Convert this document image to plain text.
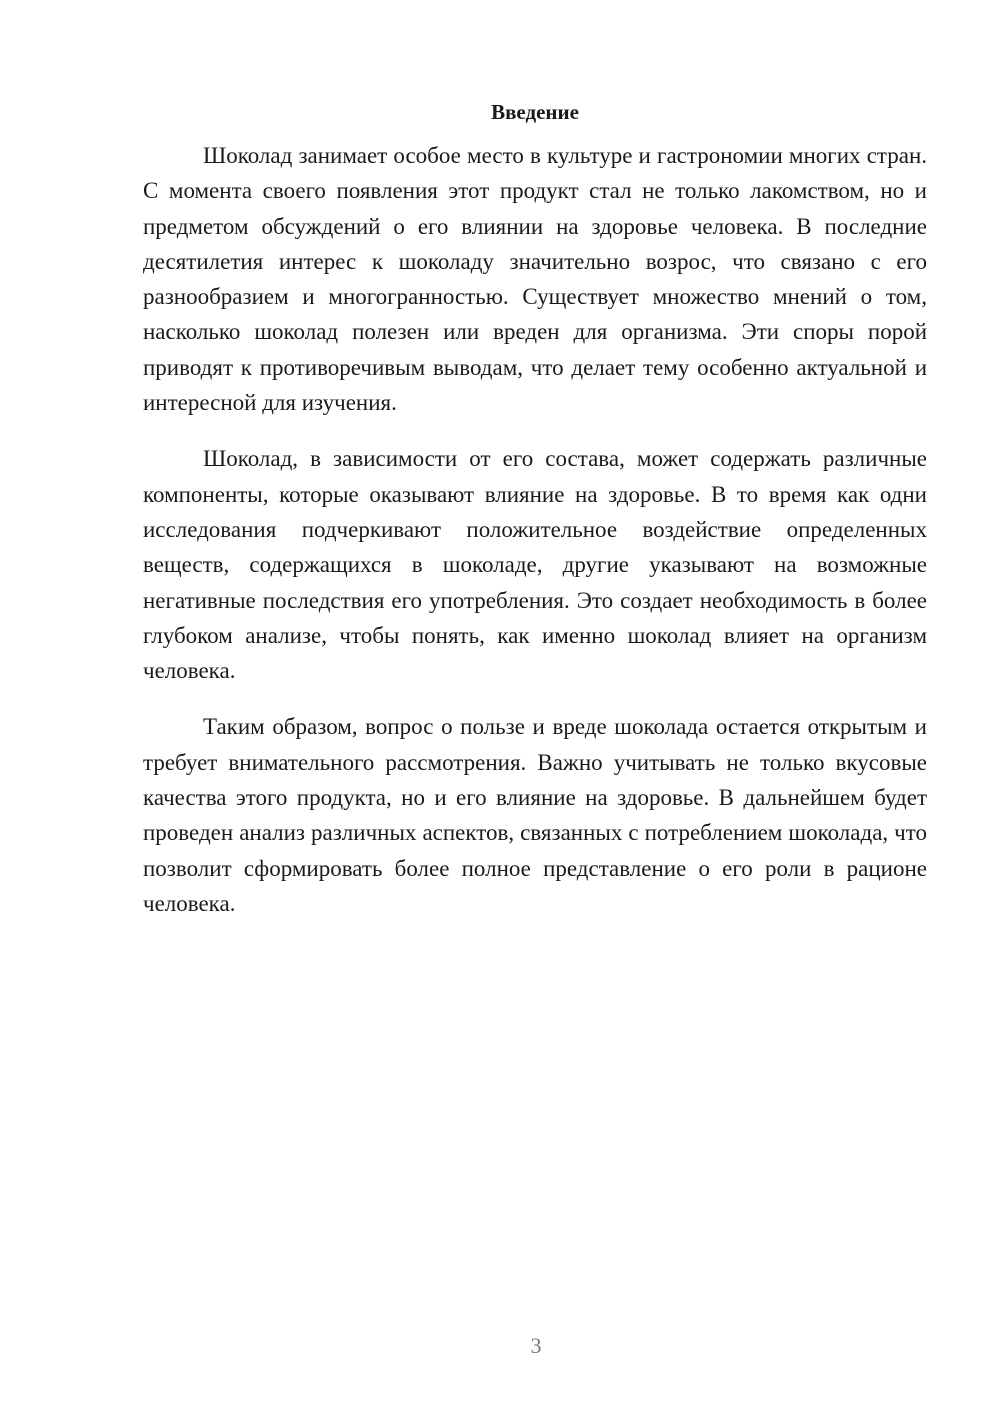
Введение

Шоколад занимает особое место в культуре и гастрономии многих стран. С момента своего появления этот продукт стал не только лакомством, но и предметом обсуждений о его влиянии на здоровье человека. В последние десятилетия интерес к шоколаду значительно возрос, что связано с его разнообразием и многогранностью. Существует множество мнений о том, насколько шоколад полезен или вреден для организма. Эти споры порой приводят к противоречивым выводам, что делает тему особенно актуальной и интересной для изучения.

Шоколад, в зависимости от его состава, может содержать различные компоненты, которые оказывают влияние на здоровье. В то время как одни исследования подчеркивают положительное воздействие определенных веществ, содержащихся в шоколаде, другие указывают на возможные негативные последствия его употребления. Это создает необходимость в более глубоком анализе, чтобы понять, как именно шоколад влияет на организм человека.

Таким образом, вопрос о пользе и вреде шоколада остается открытым и требует внимательного рассмотрения. Важно учитывать не только вкусовые качества этого продукта, но и его влияние на здоровье. В дальнейшем будет проведен анализ различных аспектов, связанных с потреблением шоколада, что позволит сформировать более полное представление о его роли в рационе человека.

3
